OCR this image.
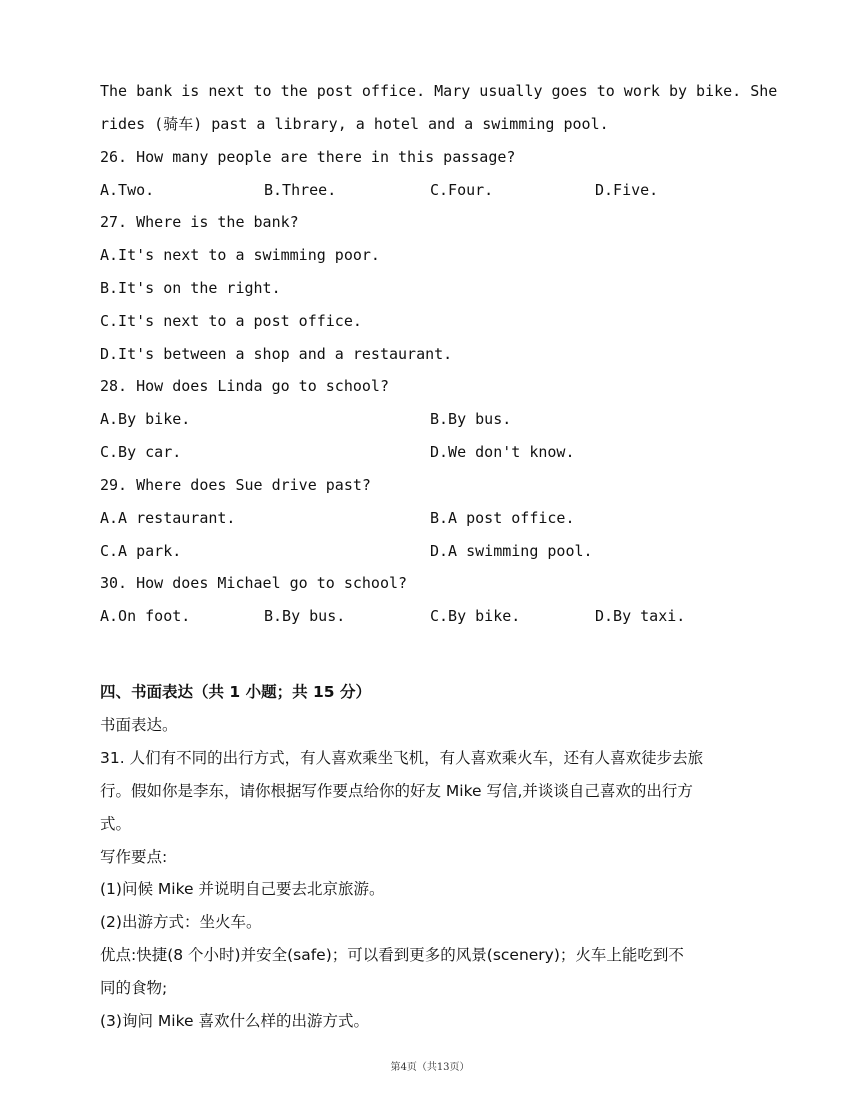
The bank is next to the post office. Mary usually goes to work by bike. She
rides (骑车) past a library, a hotel and a swimming pool.
26. How many people are there in this passage?
A.Two.	B.Three.	C.Four.	D.Five.
27. Where is the bank?
A.It's next to a swimming poor.
B.It's on the right.
C.It's next to a post office.
D.It's between a shop and a restaurant.
28. How does Linda go to school?
A.By bike.	B.By bus.
C.By car.	D.We don't know.
29. Where does Sue drive past?
A.A restaurant.	B.A post office.
C.A park.	D.A swimming pool.
30. How does Michael go to school?
A.On foot.	B.By bus.	C.By bike.	D.By taxi.
四、书面表达（共 1 小题；共 15 分）
书面表达。
31. 人们有不同的出行方式，有人喜欢乘坐飞机，有人喜欢乘火车，还有人喜欢徒步去旅
行。假如你是李东，请你根据写作要点给你的好友 Mike 写信,并谈谈自己喜欢的出行方
式。
写作要点:
(1)问候 Mike 并说明自己要去北京旅游。
(2)出游方式：坐火车。
优点:快捷(8 个小时)并安全(safe)；可以看到更多的风景(scenery)；火车上能吃到不
同的食物;
(3)询问 Mike 喜欢什么样的出游方式。
第4页（共13页）
